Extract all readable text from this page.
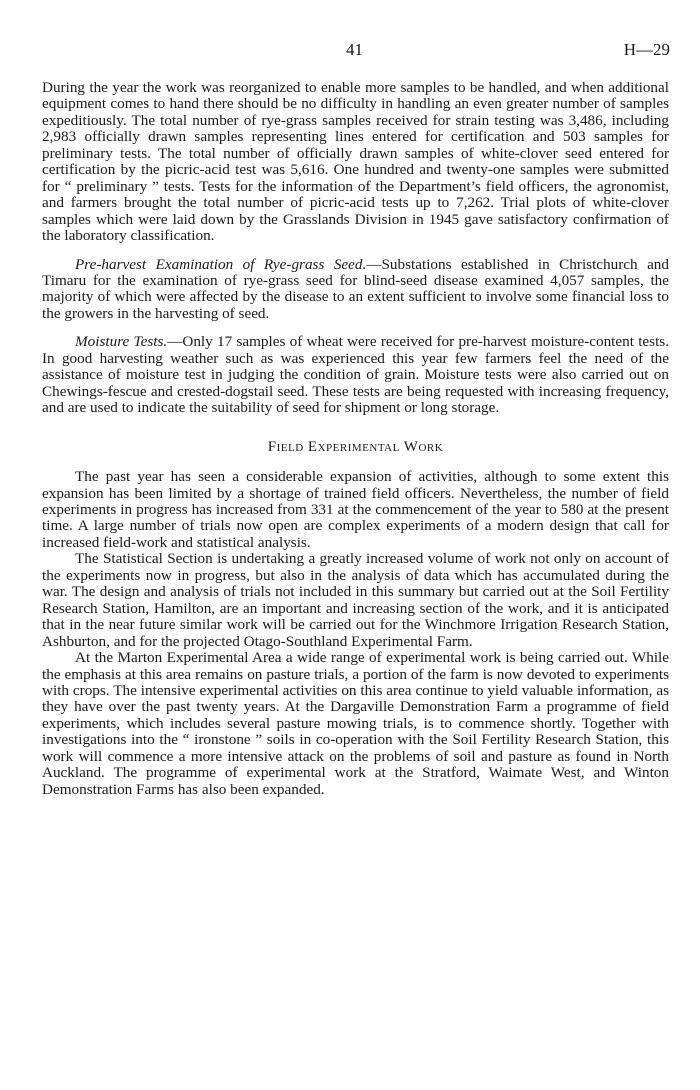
41	H—29

During the year the work was reorganized to enable more samples to be handled, and when additional equipment comes to hand there should be no difficulty in handling an even greater number of samples expeditiously. The total number of rye-grass samples received for strain testing was 3,486, including 2,983 officially drawn samples representing lines entered for certification and 503 samples for preliminary tests. The total number of officially drawn samples of white-clover seed entered for certification by the picric-acid test was 5,616. One hundred and twenty-one samples were submitted for “ preliminary ” tests. Tests for the information of the Department’s field officers, the agronomist, and farmers brought the total number of picric-acid tests up to 7,262. Trial plots of white-clover samples which were laid down by the Grasslands Division in 1945 gave satisfactory confirmation of the laboratory classification.

Pre-harvest Examination of Rye-grass Seed.—Substations established in Christchurch and Timaru for the examination of rye-grass seed for blind-seed disease examined 4,057 samples, the majority of which were affected by the disease to an extent sufficient to involve some financial loss to the growers in the harvesting of seed.

Moisture Tests.—Only 17 samples of wheat were received for pre-harvest moisture-content tests. In good harvesting weather such as was experienced this year few farmers feel the need of the assistance of moisture test in judging the condition of grain. Moisture tests were also carried out on Chewings-fescue and crested-dogstail seed. These tests are being requested with increasing frequency, and are used to indicate the suitability of seed for shipment or long storage.

Field Experimental Work

The past year has seen a considerable expansion of activities, although to some extent this expansion has been limited by a shortage of trained field officers. Nevertheless, the number of field experiments in progress has increased from 331 at the commencement of the year to 580 at the present time. A large number of trials now open are complex experiments of a modern design that call for increased field-work and statistical analysis.

The Statistical Section is undertaking a greatly increased volume of work not only on account of the experiments now in progress, but also in the analysis of data which has accumulated during the war. The design and analysis of trials not included in this summary but carried out at the Soil Fertility Research Station, Hamilton, are an important and increasing section of the work, and it is anticipated that in the near future similar work will be carried out for the Winchmore Irrigation Research Station, Ashburton, and for the projected Otago-Southland Experimental Farm.

At the Marton Experimental Area a wide range of experimental work is being carried out. While the emphasis at this area remains on pasture trials, a portion of the farm is now devoted to experiments with crops. The intensive experimental activities on this area continue to yield valuable information, as they have over the past twenty years. At the Dargaville Demonstration Farm a programme of field experiments, which includes several pasture mowing trials, is to commence shortly. Together with investigations into the “ ironstone ” soils in co-operation with the Soil Fertility Research Station, this work will commence a more intensive attack on the problems of soil and pasture as found in North Auckland. The programme of experimental work at the Stratford, Waimate West, and Winton Demonstration Farms has also been expanded.
